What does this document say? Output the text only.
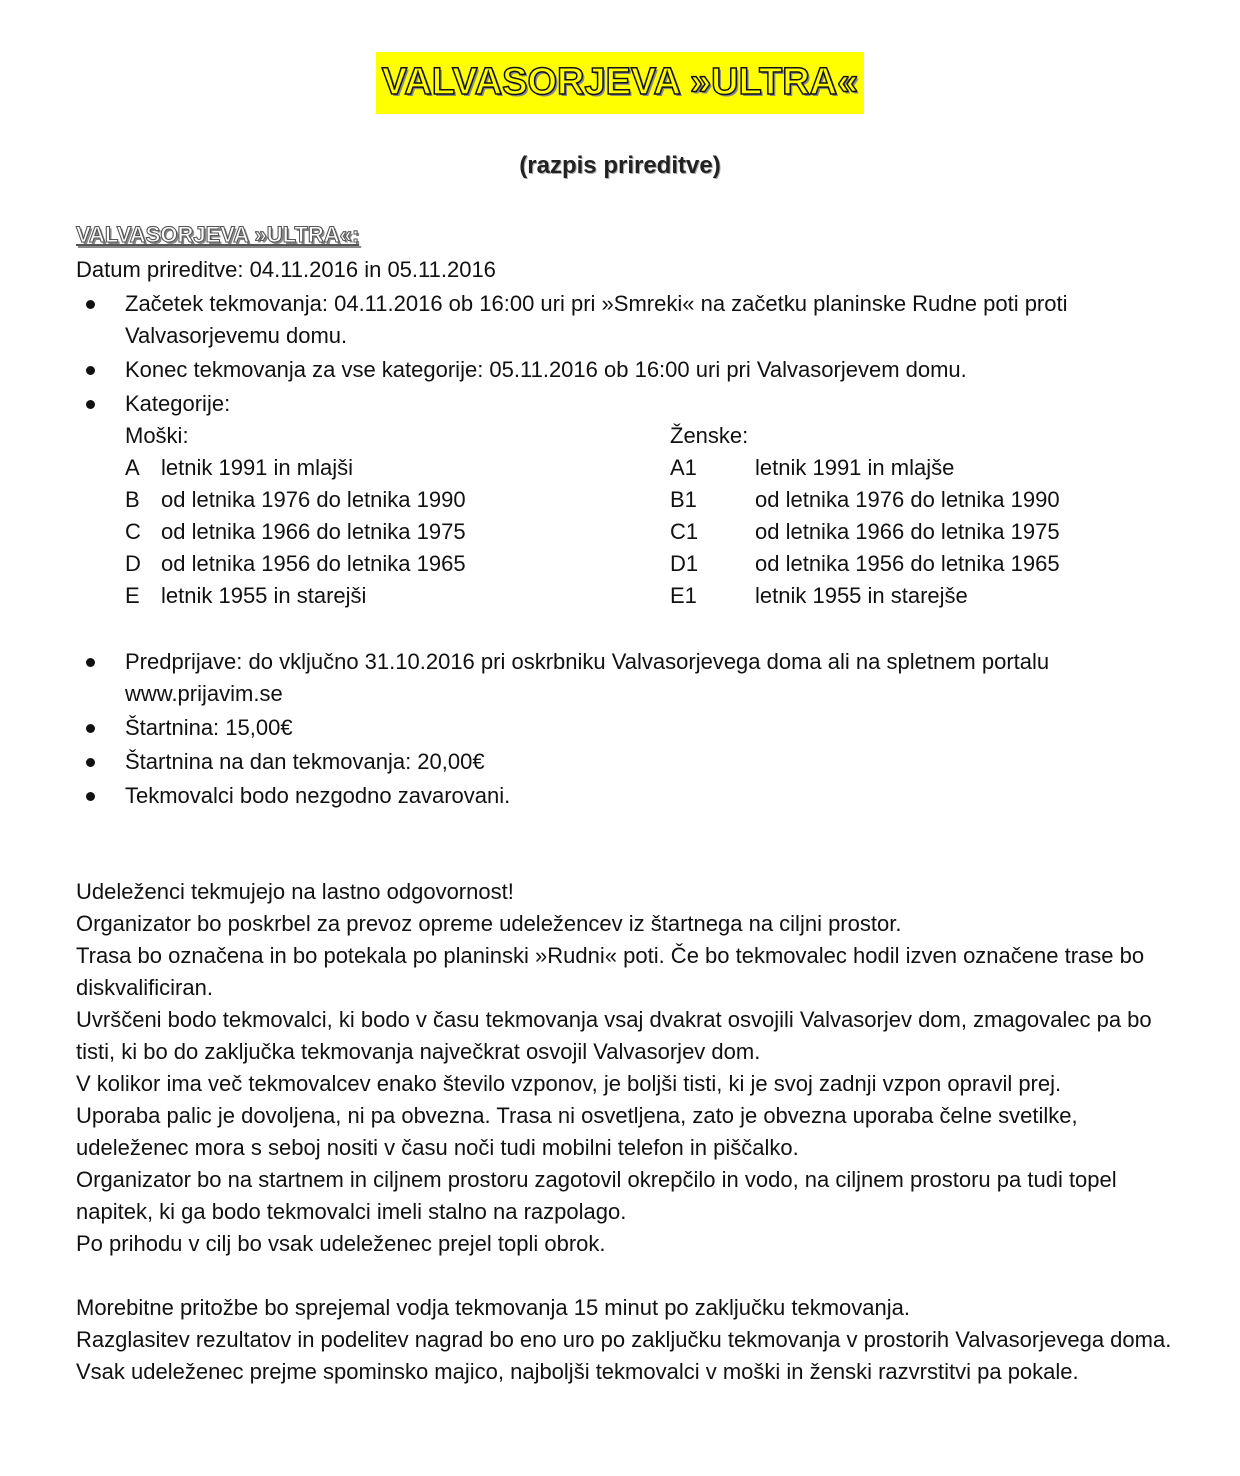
VALVASORJEVA »ULTRA«
(razpis prireditve)
VALVASORJEVA »ULTRA«:
Datum prireditve: 04.11.2016 in 05.11.2016
Začetek tekmovanja: 04.11.2016 ob 16:00 uri pri »Smreki« na začetku planinske Rudne poti proti Valvasorjevemu domu.
Konec tekmovanja za vse kategorije: 05.11.2016 ob 16:00 uri pri Valvasorjevem domu.
Kategorije:
Moški:
A letnik 1991 in mlajši
B od letnika 1976 do letnika 1990
C od letnika 1966 do letnika 1975
D od letnika 1956 do letnika 1965
E letnik 1955 in starejši
Ženske:
A1	letnik 1991 in mlajše
B1	od letnika 1976 do letnika 1990
C1	od letnika 1966 do letnika 1975
D1	od letnika 1956 do letnika 1965
E1	letnik 1955 in starejše
Predprijave: do vključno 31.10.2016 pri oskrbniku Valvasorjevega doma ali na spletnem portalu www.prijavim.se
Štartnina: 15,00€
Štartnina na dan tekmovanja: 20,00€
Tekmovalci bodo nezgodno zavarovani.

Udeleženci tekmujejo na lastno odgovornost!

Organizator bo poskrbel za prevoz opreme udeležencev iz štartnega na ciljni prostor.

Trasa bo označena in bo potekala po planinski »Rudni« poti. Če bo tekmovalec hodil izven označene trase bo diskvalificiran.

Uvrščeni bodo tekmovalci, ki bodo v času tekmovanja vsaj dvakrat osvojili Valvasorjev dom, zmagovalec pa bo tisti, ki bo do zaključka tekmovanja največkrat osvojil Valvasorjev dom.

V kolikor ima več tekmovalcev enako število vzponov, je boljši tisti, ki je svoj zadnji vzpon opravil prej.

Uporaba palic je dovoljena, ni pa obvezna. Trasa ni osvetljena, zato je obvezna uporaba čelne svetilke, udeleženec mora s seboj nositi v času noči tudi mobilni telefon in piščalko.

Organizator bo na startnem in ciljnem prostoru zagotovil okrepčilo in vodo, na ciljnem prostoru pa tudi topel napitek, ki ga bodo tekmovalci imeli stalno na razpolago.

Po prihodu v cilj bo vsak udeleženec prejel topli obrok.

Morebitne pritožbe bo sprejemal vodja tekmovanja 15 minut po zaključku tekmovanja.

Razglasitev rezultatov in podelitev nagrad bo eno uro po zaključku tekmovanja v prostorih Valvasorjevega doma.

Vsak udeleženec prejme spominsko majico, najboljši tekmovalci v moški in ženski razvrstitvi pa pokale.
